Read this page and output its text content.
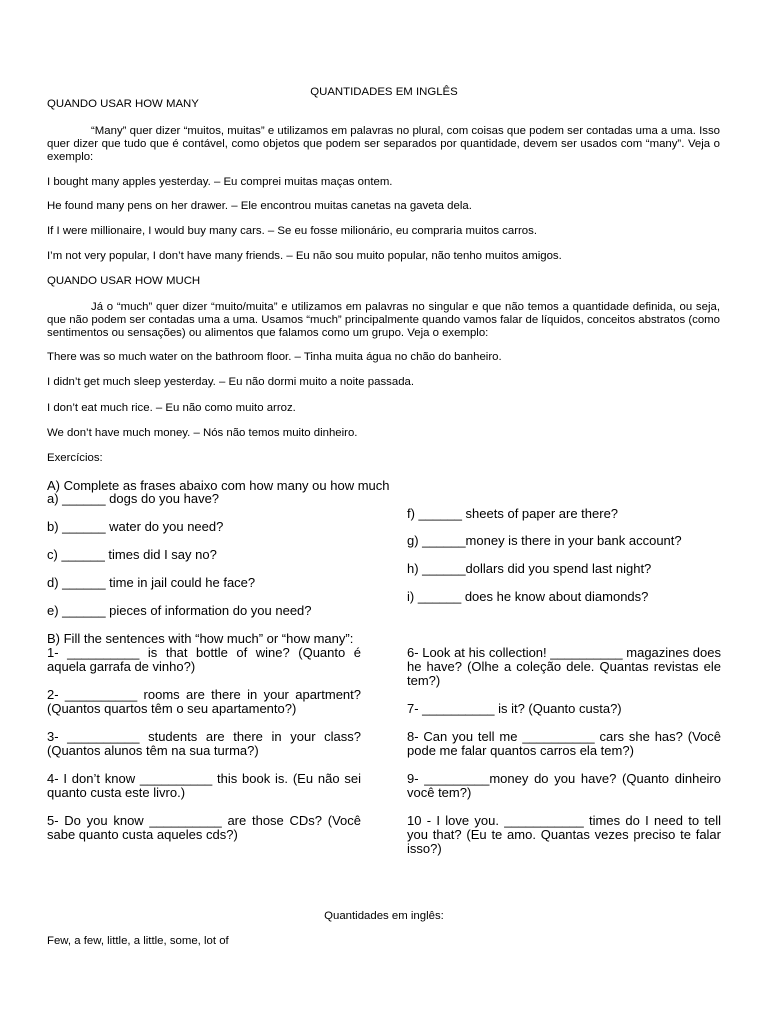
QUANTIDADES EM INGLÊS

QUANDO USAR HOW MANY

“Many” quer dizer “muitos, muitas” e utilizamos em palavras no plural, com coisas que podem ser contadas uma a uma. Isso quer dizer que tudo que é contável, como objetos que podem ser separados por quantidade, devem ser usados com “many”. Veja o exemplo:

I bought many apples yesterday. – Eu comprei muitas maças ontem.

He found many pens on her drawer. – Ele encontrou muitas canetas na gaveta dela.

If I were millionaire, I would buy many cars. – Se eu fosse milionário, eu compraria muitos carros.

I’m not very popular, I don’t have many friends. – Eu não sou muito popular, não tenho muitos amigos.

QUANDO USAR HOW MUCH

Já o “much” quer dizer “muito/muita” e utilizamos em palavras no singular e que não temos a quantidade definida, ou seja, que não podem ser contadas uma a uma. Usamos “much” principalmente quando vamos falar de líquidos, conceitos abstratos (como sentimentos ou sensações) ou alimentos que falamos como um grupo. Veja o exemplo:

There was so much water on the bathroom floor. – Tinha muita água no chão do banheiro.

I didn’t get much sleep yesterday. – Eu não dormi muito a noite passada.

I don’t eat much rice. – Eu não como muito arroz.

We don’t have much money. – Nós não temos muito dinheiro.

Exercícios:

A) Complete as frases abaixo com how many ou how much

a) ______ dogs do you have?

b) ______ water do you need?

c) ______ times did I say no?

d) ______ time in jail could he face?

e) ______ pieces of information do you need?

f) ______ sheets of paper are there?

g) ______money is there in your bank account?

h) ______dollars did you spend last night?

i) ______ does he know about diamonds?

B) Fill the sentences with “how much” or “how many”:

1- __________ is that bottle of wine? (Quanto é aquela garrafa de vinho?)

2- __________ rooms are there in your apartment? (Quantos quartos têm o seu apartamento?)

3- __________ students are there in your class? (Quantos alunos têm na sua turma?)

4- I don’t know __________ this book is. (Eu não sei quanto custa este livro.)

5- Do you know __________ are those CDs? (Você sabe quanto custa aqueles cds?)

6- Look at his collection! __________ magazines does he have? (Olhe a coleção dele. Quantas revistas ele tem?)

7- __________ is it? (Quanto custa?)

8- Can you tell me __________ cars she has? (Você pode me falar quantos carros ela tem?)

9- _________money do you have? (Quanto dinheiro você tem?)

10 - I love you. ___________ times do I need to tell you that? (Eu te amo. Quantas vezes preciso te falar isso?)

Quantidades em inglês:

Few, a few, little, a little, some, lot of
